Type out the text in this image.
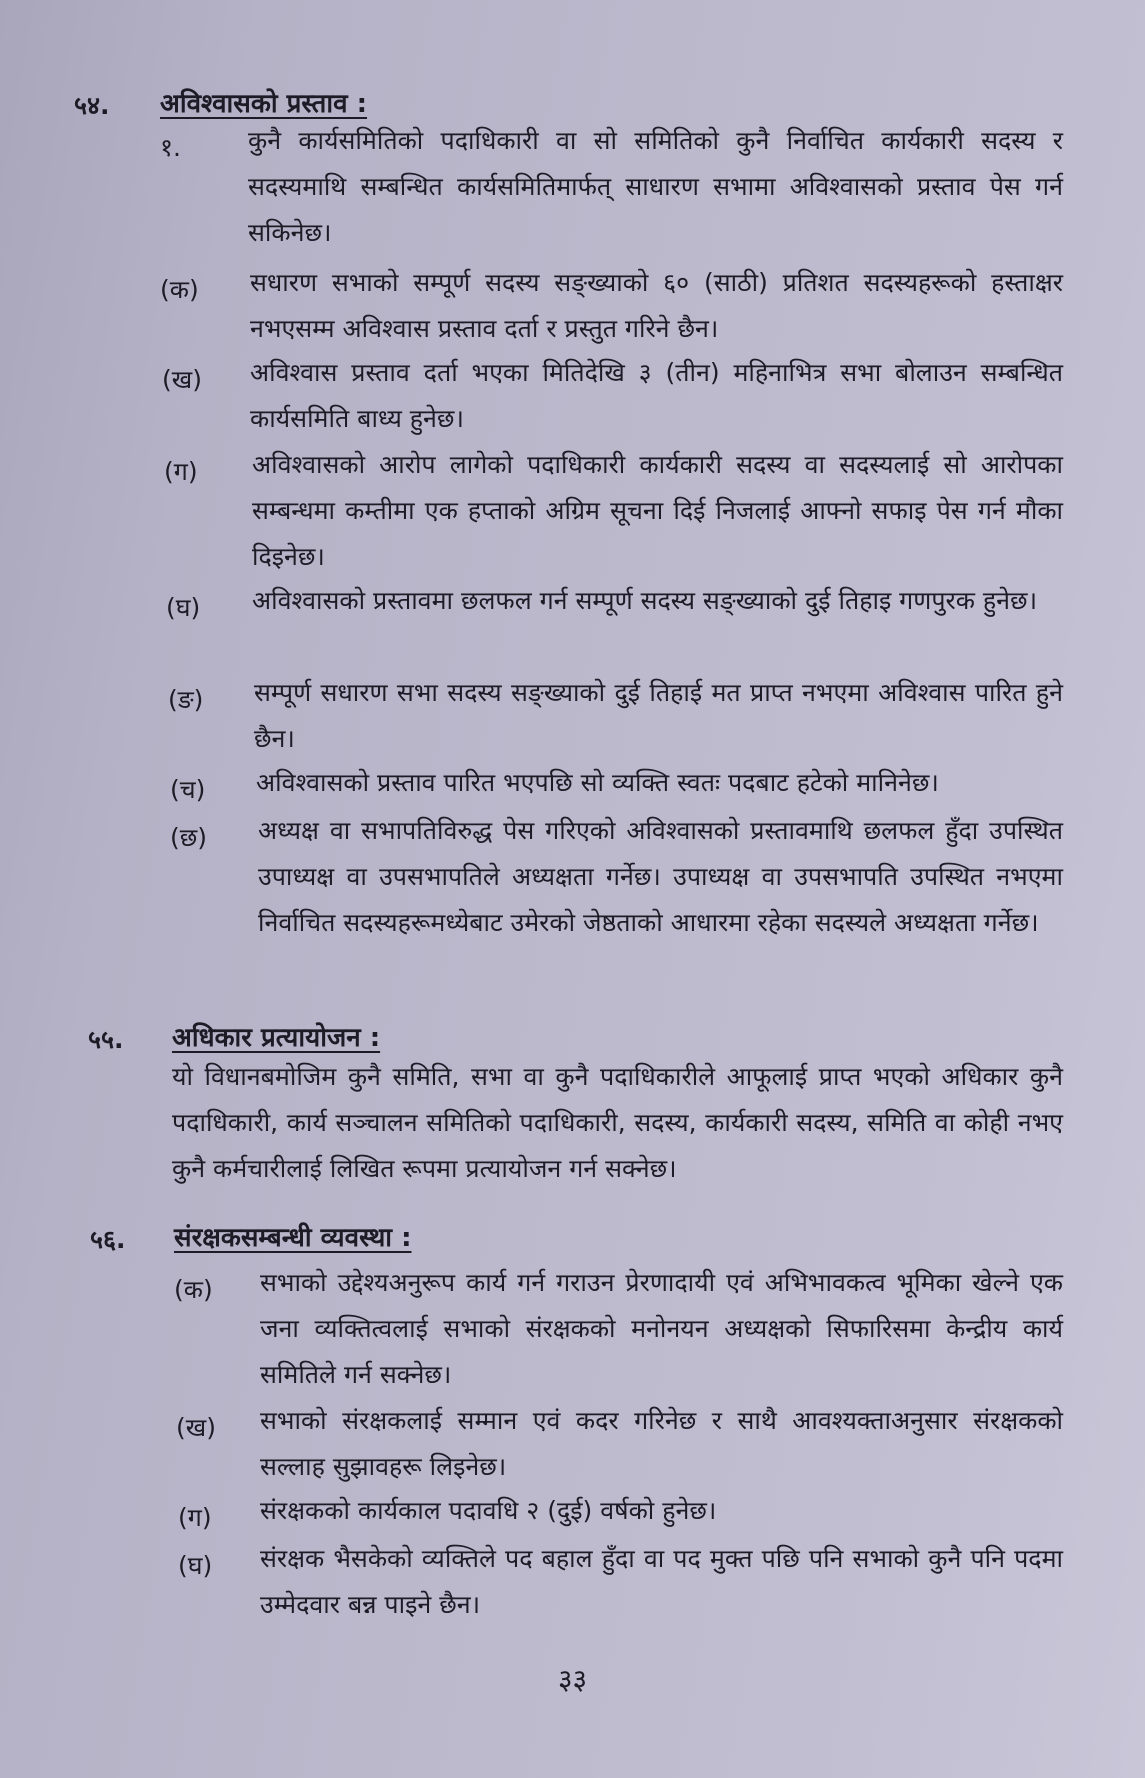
५४. अविश्वासको प्रस्ताव :
१.	कुनै कार्यसमितिको पदाधिकारी वा सो समितिको कुनै निर्वाचित कार्यकारी सदस्य र सदस्यमाथि सम्बन्धित कार्यसमितिमार्फत् साधारण सभामा अविश्वासको प्रस्ताव पेस गर्न सकिनेछ।

(क) सधारण सभाको सम्पूर्ण सदस्य सङ्ख्याको ६० (साठी) प्रतिशत सदस्यहरूको हस्ताक्षर नभएसम्म अविश्वास प्रस्ताव दर्ता र प्रस्तुत गरिने छैन।

(ख) अविश्वास प्रस्ताव दर्ता भएका मितिदेखि ३ (तीन) महिनाभित्र सभा बोलाउन सम्बन्धित कार्यसमिति बाध्य हुनेछ।

(ग) अविश्वासको आरोप लागेको पदाधिकारी कार्यकारी सदस्य वा सदस्यलाई सो आरोपका सम्बन्धमा कम्तीमा एक हप्ताको अग्रिम सूचना दिई निजलाई आफ्नो सफाइ पेस गर्न मौका दिइनेछ।

(घ) अविश्वासको प्रस्तावमा छलफल गर्न सम्पूर्ण सदस्य सङ्ख्याको दुई तिहाइ गणपुरक हुनेछ।

(ङ) सम्पूर्ण सधारण सभा सदस्य सङ्ख्याको दुई तिहाई मत प्राप्त नभएमा अविश्वास पारित हुने छैन।

(च) अविश्वासको प्रस्ताव पारित भएपछि सो व्यक्ति स्वतः पदबाट हटेको मानिनेछ।

(छ) अध्यक्ष वा सभापतिविरुद्ध पेस गरिएको अविश्वासको प्रस्तावमाथि छलफल हुँदा उपस्थित उपाध्यक्ष वा उपसभापतिले अध्यक्षता गर्नेछ। उपाध्यक्ष वा उपसभापति उपस्थित नभएमा निर्वाचित सदस्यहरूमध्येबाट उमेरको जेष्ठताको आधारमा रहेका सदस्यले अध्यक्षता गर्नेछ।

५५. अधिकार प्रत्यायोजन :

यो विधानबमोजिम कुनै समिति, सभा वा कुनै पदाधिकारीले आफूलाई प्राप्त भएको अधिकार कुनै पदाधिकारी, कार्य सञ्चालन समितिको पदाधिकारी, सदस्य, कार्यकारी सदस्य, समिति वा कोही नभए कुनै कर्मचारीलाई लिखित रूपमा प्रत्यायोजन गर्न सक्नेछ।

५६. संरक्षकसम्बन्धी व्यवस्था :
(क) सभाको उद्देश्यअनुरूप कार्य गर्न गराउन प्रेरणादायी एवं अभिभावकत्व भूमिका खेल्ने एक जना व्यक्तित्वलाई सभाको संरक्षकको मनोनयन अध्यक्षको सिफारिसमा केन्द्रीय कार्य समितिले गर्न सक्नेछ।

(ख) सभाको संरक्षकलाई सम्मान एवं कदर गरिनेछ र साथै आवश्यक्ताअनुसार संरक्षकको सल्लाह सुझावहरू लिइनेछ।

(ग) संरक्षकको कार्यकाल पदावधि २ (दुई) वर्षको हुनेछ।

(घ) संरक्षक भैसकेको व्यक्तिले पद बहाल हुँदा वा पद मुक्त पछि पनि सभाको कुनै पनि पदमा उम्मेदवार बन्न पाइने छैन।

३३
